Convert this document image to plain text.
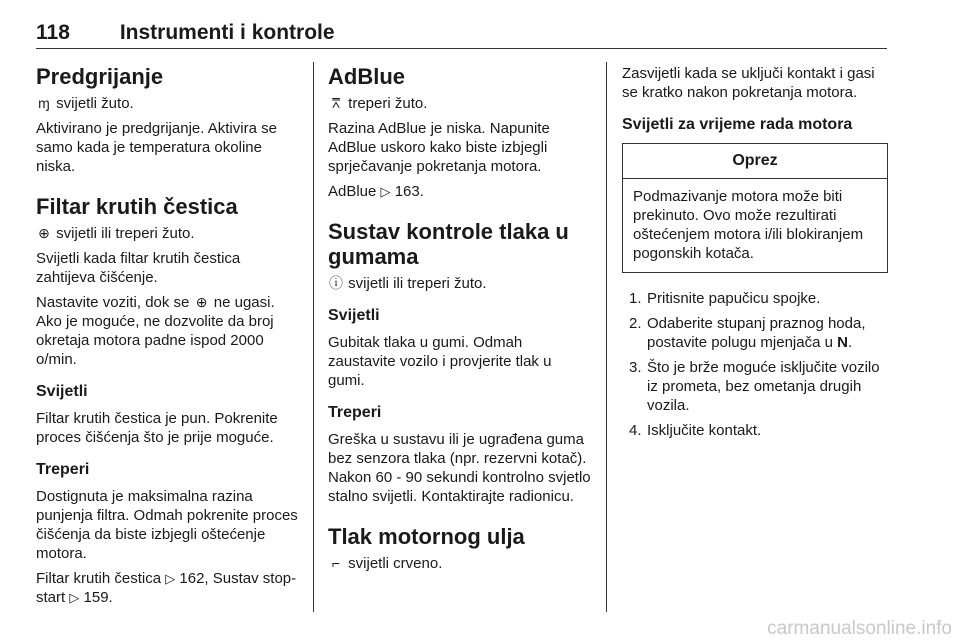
118 Instrumenti i kontrole
Predgrijanje

ɱ svijetli žuto.

Aktivirano je predgrijanje. Aktivira se samo kada je temperatura okoline niska.

Filtar krutih čestica

⊕ svijetli ili treperi žuto.

Svijetli kada filtar krutih čestica zahtijeva čišćenje.

Nastavite voziti, dok se ⊕ ne ugasi. Ako je moguće, ne dozvolite da broj okretaja motora padne ispod 2000 o/min.

Svijetli

Filtar krutih čestica je pun. Pokrenite proces čišćenja što je prije moguće.

Treperi

Dostignuta je maksimalna razina punjenja filtra. Odmah pokrenite proces čišćenja da biste izbjegli oštećenje motora.

Filtar krutih čestica ▷ 162, Sustav stop-start ▷ 159.

AdBlue

⩞ treperi žuto.

Razina AdBlue je niska. Napunite AdBlue uskoro kako biste izbjegli sprječavanje pokretanja motora.

AdBlue ▷ 163.

Sustav kontrole tlaka u gumama

ⓘ svijetli ili treperi žuto.

Svijetli

Gubitak tlaka u gumi. Odmah zaustavite vozilo i provjerite tlak u gumi.

Treperi

Greška u sustavu ili je ugrađena guma bez senzora tlaka (npr. rezervni kotač). Nakon 60 - 90 sekundi kontrolno svjetlo stalno svijetli. Kontaktirajte radionicu.

Tlak motornog ulja

⌐ svijetli crveno.

Zasvijetli kada se uključi kontakt i gasi se kratko nakon pokretanja motora.

Svijetli za vrijeme rada motora
Oprez
Podmazivanje motora može biti prekinuto. Ovo može rezultirati oštećenjem motora i/ili blokiranjem pogonskih kotača.
1. Pritisnite papučicu spojke.
2. Odaberite stupanj praznog hoda, postavite polugu mjenjača u N.
3. Što je brže moguće isključite vozilo iz prometa, bez ometanja drugih vozila.
4. Isključite kontakt.
carmanualsonline.info
